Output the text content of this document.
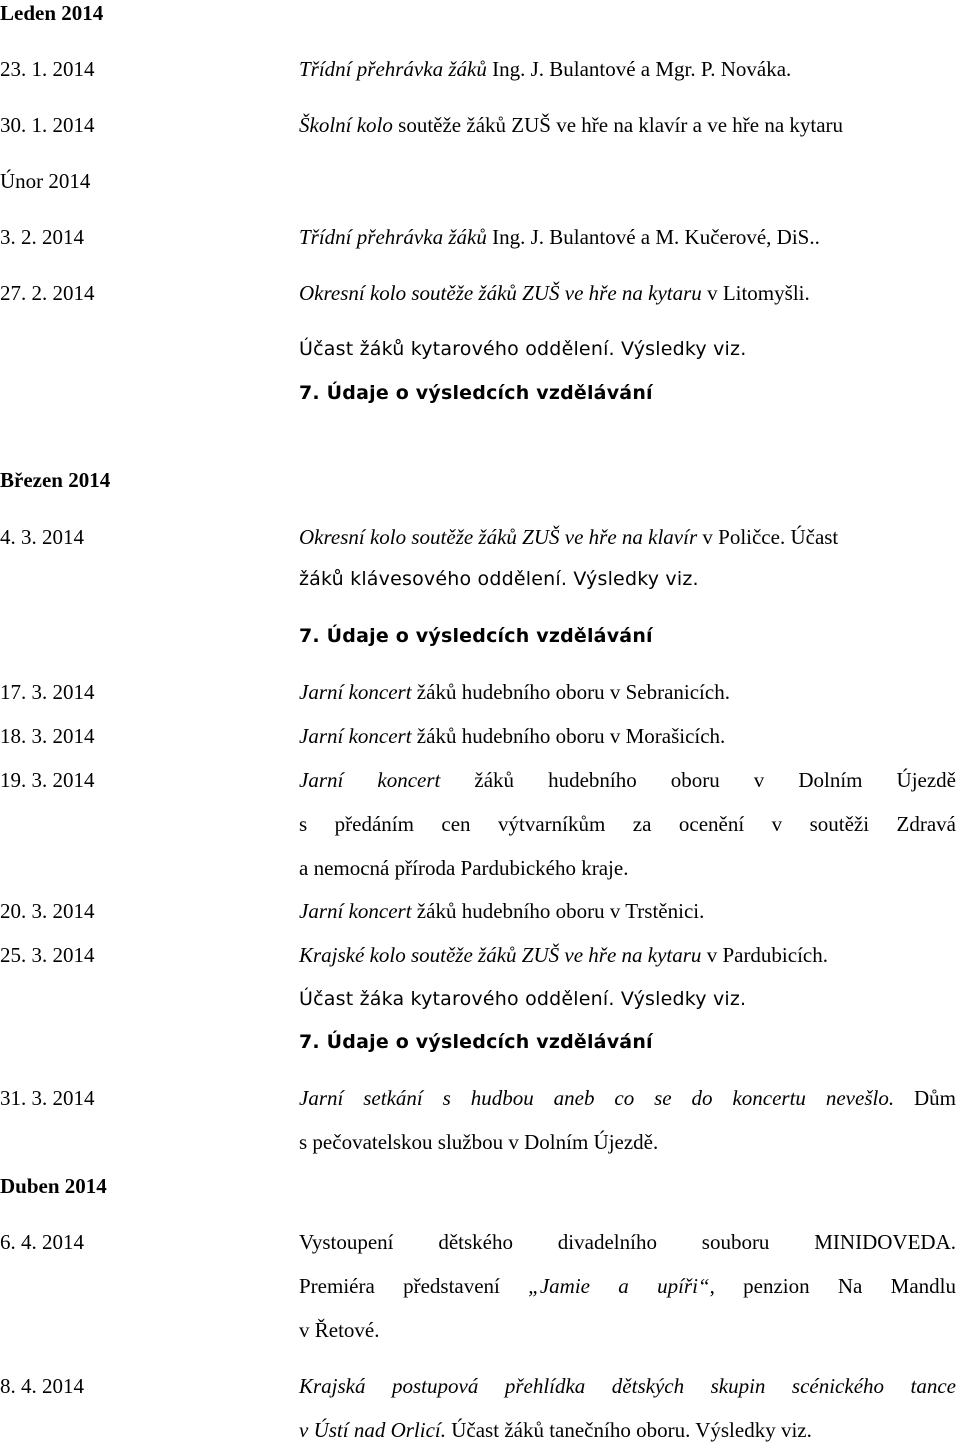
Leden 2014
23. 1. 2014	Třídní přehrávka žáků Ing. J. Bulantové a Mgr. P. Nováka.
30. 1. 2014	Školní kolo soutěže žáků ZUŠ ve hře na klavír a ve hře na kytaru
Únor 2014
3. 2. 2014	Třídní přehrávka žáků Ing. J. Bulantové a M. Kučerové, DiS..
27. 2. 2014	Okresní kolo soutěže žáků ZUŠ ve hře na kytaru v Litomyšli.
Účast žáků kytarového oddělení. Výsledky viz.
7. Údaje o výsledcích vzdělávání
Březen 2014
4. 3. 2014	Okresní kolo soutěže žáků ZUŠ ve hře na klavír v Poličce. Účast
žáků klávesového oddělení. Výsledky viz.
7. Údaje o výsledcích vzdělávání
17. 3. 2014	Jarní koncert žáků hudebního oboru v Sebranicích.
18. 3. 2014	Jarní koncert žáků hudebního oboru v Morašicích.
19. 3. 2014	Jarní koncert žáků hudebního oboru v Dolním Újezdě
s předáním cen výtvarníkům za ocenění v soutěži Zdravá
a nemocná příroda Pardubického kraje.
20. 3. 2014	Jarní koncert žáků hudebního oboru v Trstěnici.
25. 3. 2014	Krajské kolo soutěže žáků ZUŠ ve hře na kytaru v Pardubicích.
Účast žáka kytarového oddělení. Výsledky viz.
7. Údaje o výsledcích vzdělávání
31. 3. 2014	Jarní setkání s hudbou aneb co se do koncertu nevešlo. Dům
s pečovatelskou službou v Dolním Újezdě.
Duben 2014
6. 4. 2014	Vystoupení dětského divadelního souboru MINIDOVEDA.
Premiéra představení „Jamie a upíři“, penzion Na Mandlu
v Řetové.
8. 4. 2014	Krajská postupová přehlídka dětských skupin scénického tance
v Ústí nad Orlicí. Účast žáků tanečního oboru. Výsledky viz.
